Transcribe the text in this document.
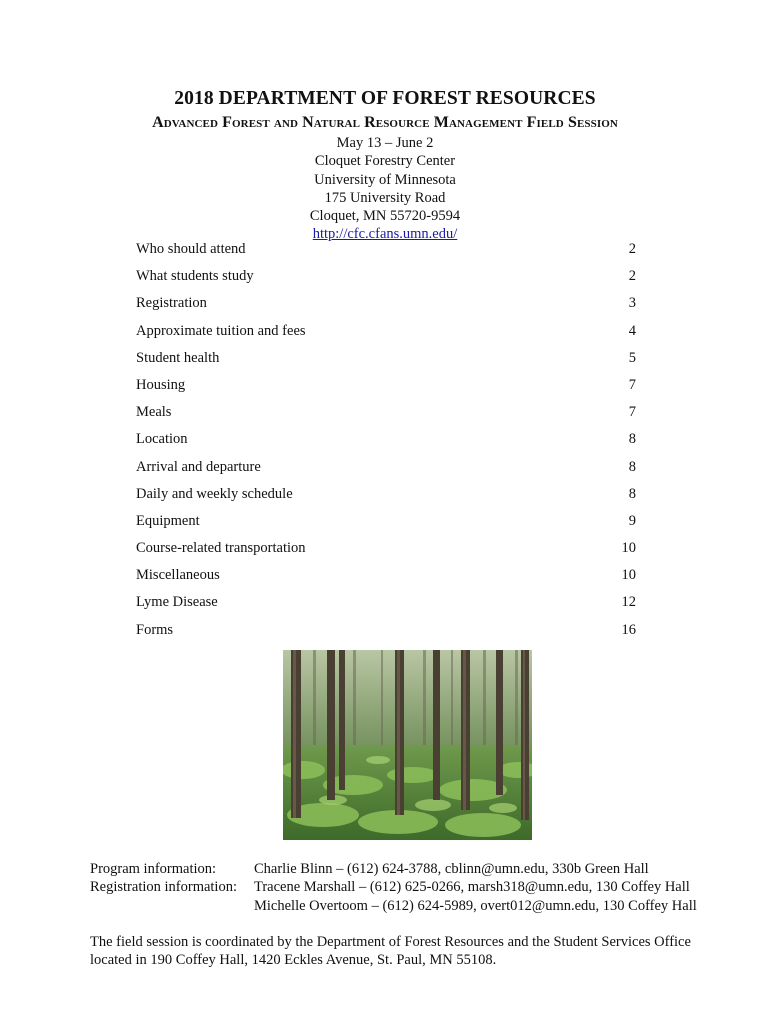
2018 DEPARTMENT OF FOREST RESOURCES
Advanced Forest and Natural Resource Management Field Session
May 13 – June 2
Cloquet Forestry Center
University of Minnesota
175 University Road
Cloquet, MN 55720-9594
http://cfc.cfans.umn.edu/
Who should attend	2
What students study	2
Registration	3
Approximate tuition and fees	4
Student health	5
Housing	7
Meals	7
Location	8
Arrival and departure	8
Daily and weekly schedule	8
Equipment	9
Course-related transportation	10
Miscellaneous	10
Lyme Disease	12
Forms	16
Program information:	Charlie Blinn – (612) 624-3788, cblinn@umn.edu, 330b Green Hall
Registration information: Tracene Marshall – (612) 625-0266, marsh318@umn.edu, 130 Coffey Hall
Michelle Overtoom – (612) 624-5989, overt012@umn.edu, 130 Coffey Hall
The field session is coordinated by the Department of Forest Resources and the Student Services Office
located in 190 Coffey Hall, 1420 Eckles Avenue, St. Paul, MN 55108.
